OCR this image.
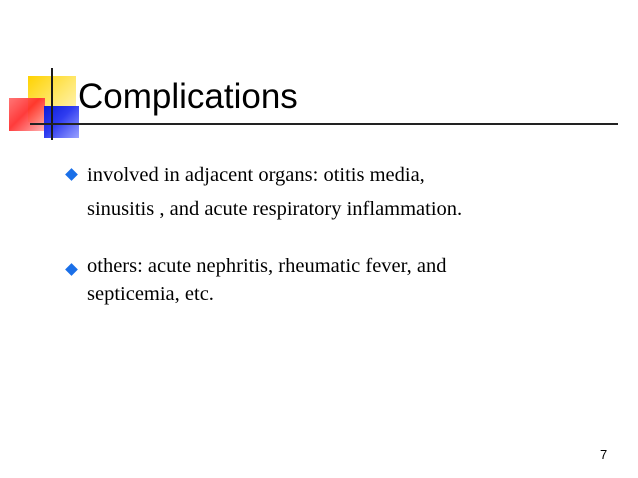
Complications
involved in adjacent organs: otitis media,
sinusitis , and acute respiratory inflammation.
others: acute nephritis, rheumatic fever, and
septicemia, etc.
7
